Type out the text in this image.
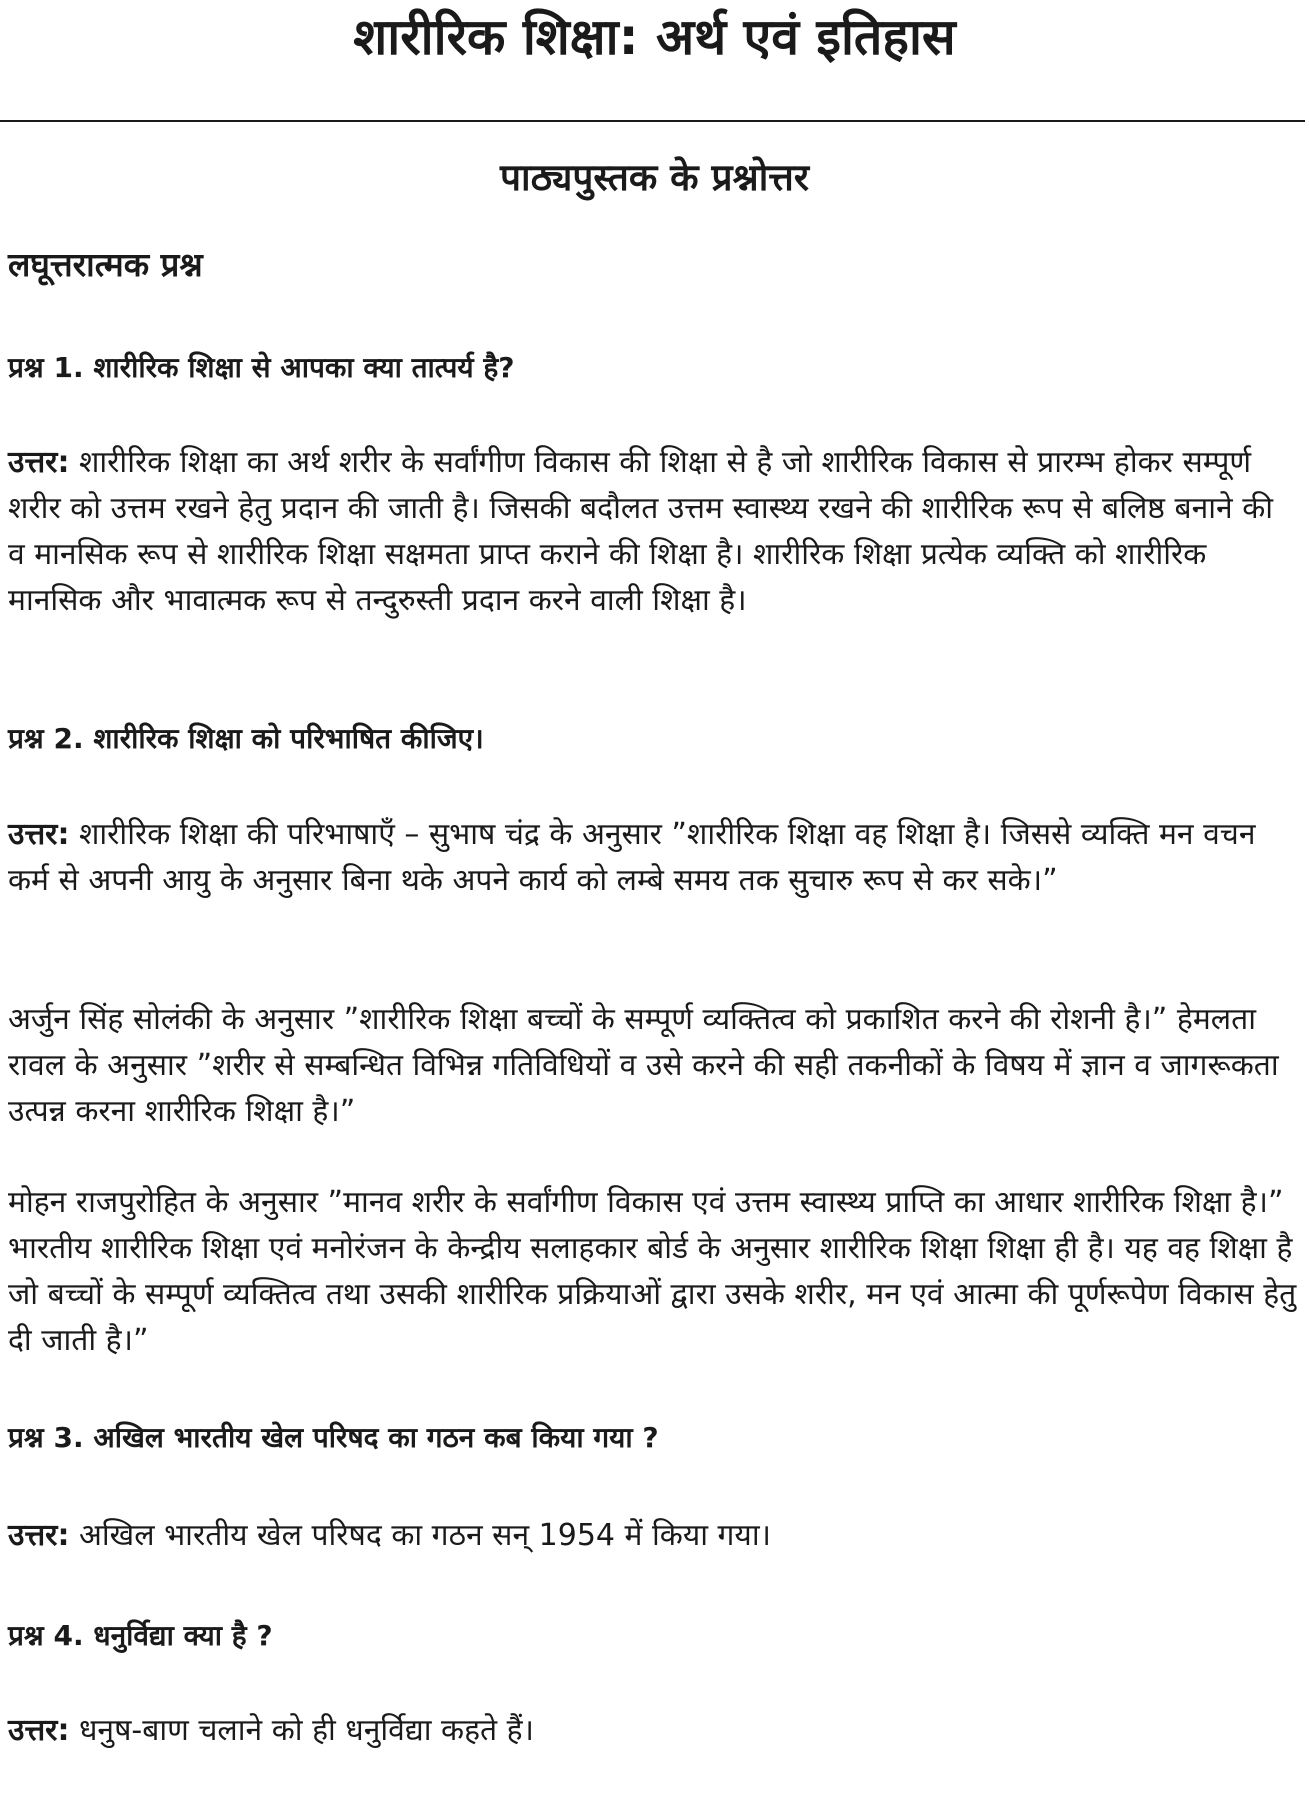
शारीरिक शिक्षा: अर्थ एवं इतिहास
पाठ्यपुस्तक के प्रश्नोत्तर
लघूत्तरात्मक प्रश्न

प्रश्न 1. शारीरिक शिक्षा से आपका क्या तात्पर्य है?

उत्तर: शारीरिक शिक्षा का अर्थ शरीर के सर्वांगीण विकास की शिक्षा से है जो शारीरिक विकास से प्रारम्भ होकर सम्पूर्ण शरीर को उत्तम रखने हेतु प्रदान की जाती है। जिसकी बदौलत उत्तम स्वास्थ्य रखने की शारीरिक रूप से बलिष्ठ बनाने की व मानसिक रूप से शारीरिक शिक्षा सक्षमता प्राप्त कराने की शिक्षा है। शारीरिक शिक्षा प्रत्येक व्यक्ति को शारीरिक मानसिक और भावात्मक रूप से तन्दुरुस्ती प्रदान करने वाली शिक्षा है।

प्रश्न 2. शारीरिक शिक्षा को परिभाषित कीजिए।

उत्तर: शारीरिक शिक्षा की परिभाषाएँ – सुभाष चंद्र के अनुसार ”शारीरिक शिक्षा वह शिक्षा है। जिससे व्यक्ति मन वचन कर्म से अपनी आयु के अनुसार बिना थके अपने कार्य को लम्बे समय तक सुचारु रूप से कर सके।”

अर्जुन सिंह सोलंकी के अनुसार ”शारीरिक शिक्षा बच्चों के सम्पूर्ण व्यक्तित्व को प्रकाशित करने की रोशनी है।” हेमलता रावल के अनुसार ”शरीर से सम्बन्धित विभिन्न गतिविधियों व उसे करने की सही तकनीकों के विषय में ज्ञान व जागरूकता उत्पन्न करना शारीरिक शिक्षा है।”

मोहन राजपुरोहित के अनुसार ”मानव शरीर के सर्वांगीण विकास एवं उत्तम स्वास्थ्य प्राप्ति का आधार शारीरिक शिक्षा है।” भारतीय शारीरिक शिक्षा एवं मनोरंजन के केन्द्रीय सलाहकार बोर्ड के अनुसार शारीरिक शिक्षा शिक्षा ही है। यह वह शिक्षा है जो बच्चों के सम्पूर्ण व्यक्तित्व तथा उसकी शारीरिक प्रक्रियाओं द्वारा उसके शरीर, मन एवं आत्मा की पूर्णरूपेण विकास हेतु दी जाती है।”

प्रश्न 3. अखिल भारतीय खेल परिषद का गठन कब किया गया ?

उत्तर: अखिल भारतीय खेल परिषद का गठन सन् 1954 में किया गया।

प्रश्न 4. धनुर्विद्या क्या है ?

उत्तर: धनुष-बाण चलाने को ही धनुर्विद्या कहते हैं।
